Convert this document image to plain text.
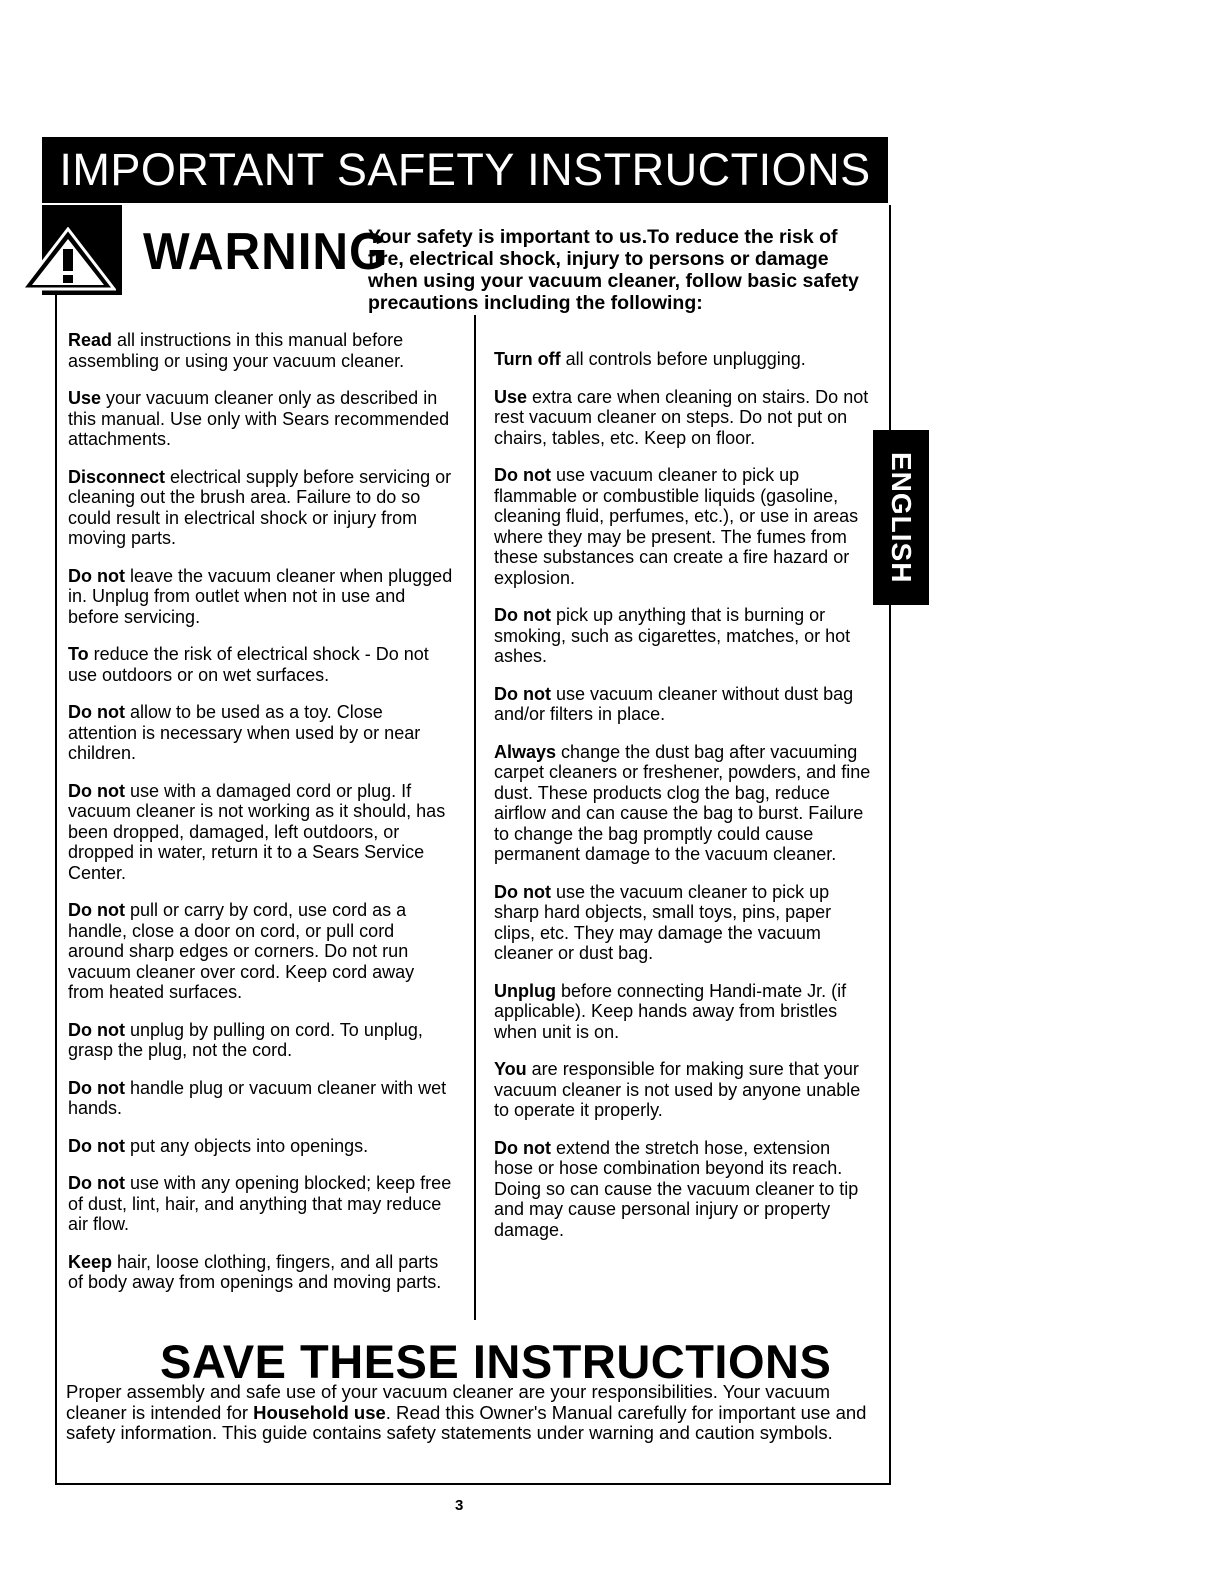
IMPORTANT SAFETY INSTRUCTIONS
WARNING
Your safety is important to us.To reduce the risk of fire, electrical shock, injury to persons or damage when using your vacuum cleaner, follow basic safety precautions including the following:

Read all instructions in this manual before assembling or using your vacuum cleaner.

Use your vacuum cleaner only as described in this manual. Use only with Sears recommended attachments.

Disconnect electrical supply before servicing or cleaning out the brush area. Failure to do so could result in electrical shock or injury from moving parts.

Do not leave the vacuum cleaner when plugged in. Unplug from outlet when not in use and before servicing.

To reduce the risk of electrical shock - Do not use outdoors or on wet surfaces.

Do not allow to be used as a toy. Close attention is necessary when used by or near children.

Do not use with a damaged cord or plug. If vacuum cleaner is not working as it should, has been dropped, damaged, left outdoors, or dropped in water, return it to a Sears Service Center.

Do not pull or carry by cord, use cord as a handle, close a door on cord, or pull cord around sharp edges or corners. Do not run vacuum cleaner over cord. Keep cord away from heated surfaces.

Do not unplug by pulling on cord. To unplug, grasp the plug, not the cord.

Do not handle plug or vacuum cleaner with wet hands.

Do not put any objects into openings.

Do not use with any opening blocked; keep free of dust, lint, hair, and anything that may reduce air flow.

Keep hair, loose clothing, fingers, and all parts of body away from openings and moving parts.

Turn off all controls before unplugging.

Use extra care when cleaning on stairs. Do not rest vacuum cleaner on steps. Do not put on chairs, tables, etc. Keep on floor.

Do not use vacuum cleaner to pick up flammable or combustible liquids (gasoline, cleaning fluid, perfumes, etc.), or use in areas where they may be present. The fumes from these substances can create a fire hazard or explosion.

Do not pick up anything that is burning or smoking, such as cigarettes, matches, or hot ashes.

Do not use vacuum cleaner without dust bag and/or filters in place.

Always change the dust bag after vacuuming carpet cleaners or freshener, powders, and fine dust. These products clog the bag, reduce airflow and can cause the bag to burst. Failure to change the bag promptly could cause permanent damage to the vacuum cleaner.

Do not use the vacuum cleaner to pick up sharp hard objects, small toys, pins, paper clips, etc. They may damage the vacuum cleaner or dust bag.

Unplug before connecting Handi-mate Jr. (if applicable). Keep hands away from bristles when unit is on.

You are responsible for making sure that your vacuum cleaner is not used by anyone unable to operate it properly.

Do not extend the stretch hose, extension hose or hose combination beyond its reach. Doing so can cause the vacuum cleaner to tip and may cause personal injury or property damage.

ENGLISH
SAVE THESE INSTRUCTIONS
Proper assembly and safe use of your vacuum cleaner are your responsibilities. Your vacuum cleaner is intended for Household use. Read this Owner's Manual carefully for important use and safety information. This guide contains safety statements under warning and caution symbols.
3
